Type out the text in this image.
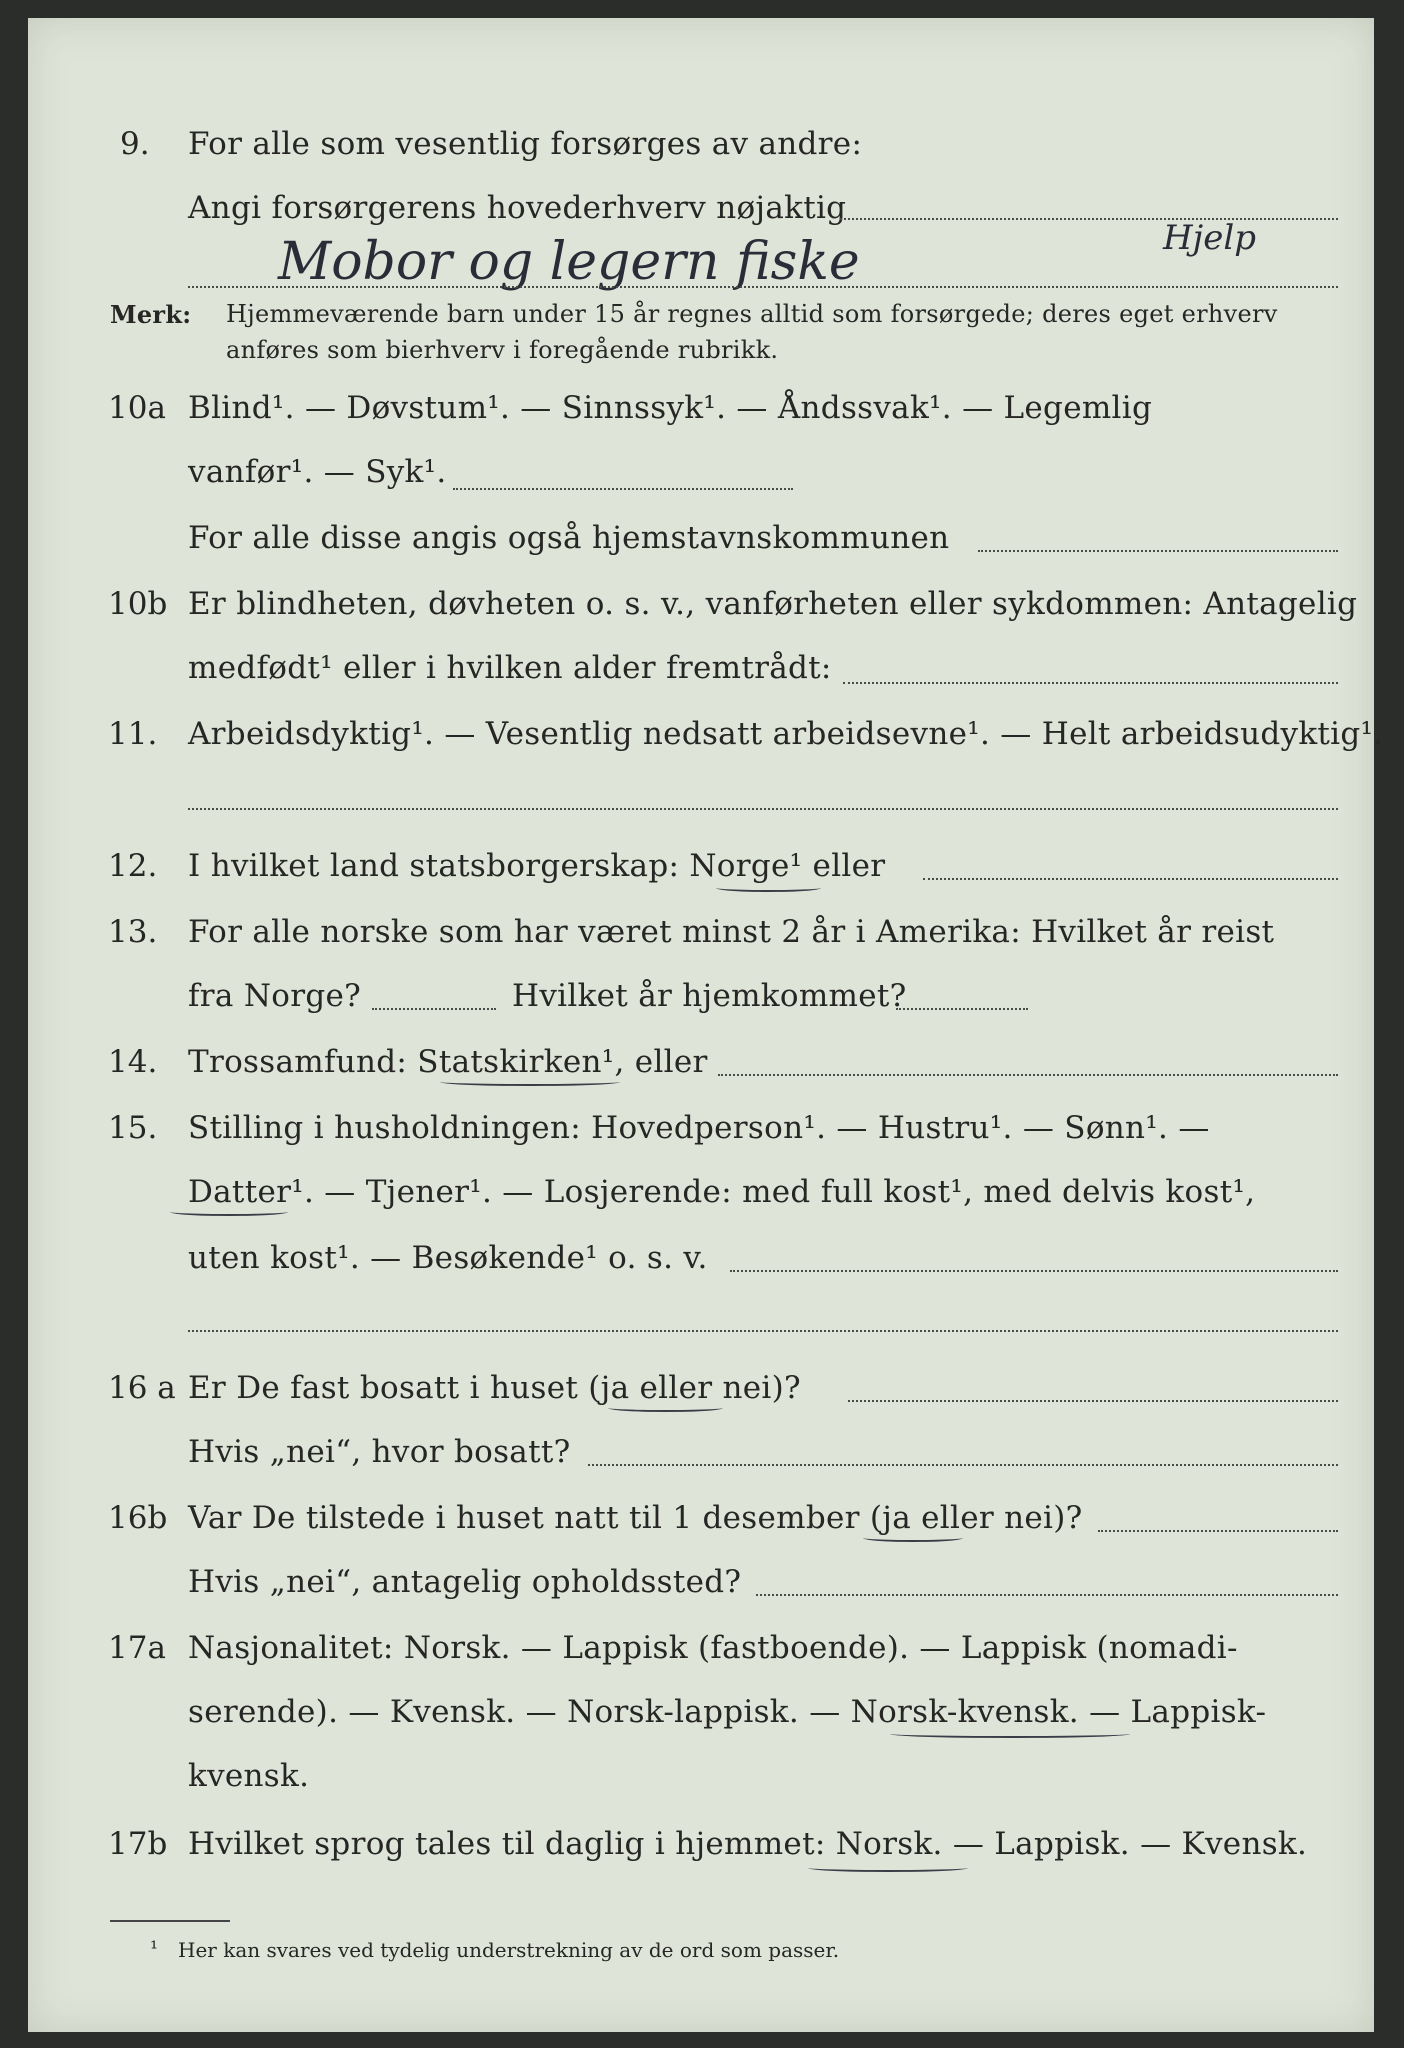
9. For alle som vesentlig forsørges av andre:
Angi forsørgerens hovederhverv nøjaktig
Mobor og legern fiske	Hjelp
Merk: Hjemmeværende barn under 15 år regnes alltid som forsørgede; deres eget erhverv
anføres som bierhverv i foregående rubrikk.
10a Blind¹. — Døvstum¹. — Sinnssyk¹. — Åndssvak¹. — Legemlig
vanfør¹. — Syk¹.
For alle disse angis også hjemstavnskommunen
10b Er blindheten, døvheten o. s. v., vanførheten eller sykdommen: Antagelig
medfødt¹ eller i hvilken alder fremtrådt:
11. Arbeidsdyktig¹. — Vesentlig nedsatt arbeidsevne¹. — Helt arbeidsudyktig¹.
12. I hvilket land statsborgerskap: Norge¹ eller
13. For alle norske som har været minst 2 år i Amerika: Hvilket år reist
fra Norge?	Hvilket år hjemkommet?
14. Trossamfund: Statskirken¹, eller
15. Stilling i husholdningen: Hovedperson¹. — Hustru¹. — Sønn¹. —
Datter¹. — Tjener¹. — Losjerende: med full kost¹, med delvis kost¹,
uten kost¹. — Besøkende¹ o. s. v.
16 a Er De fast bosatt i huset (ja eller nei)?
Hvis „nei“, hvor bosatt?
16b Var De tilstede i huset natt til 1 desember (ja eller nei)?
Hvis „nei“, antagelig opholdssted?
17a Nasjonalitet: Norsk. — Lappisk (fastboende). — Lappisk (nomadi-
serende). — Kvensk. — Norsk-lappisk. — Norsk-kvensk. — Lappisk-
kvensk.
17b Hvilket sprog tales til daglig i hjemmet: Norsk. — Lappisk. — Kvensk.
¹ Her kan svares ved tydelig understrekning av de ord som passer.
